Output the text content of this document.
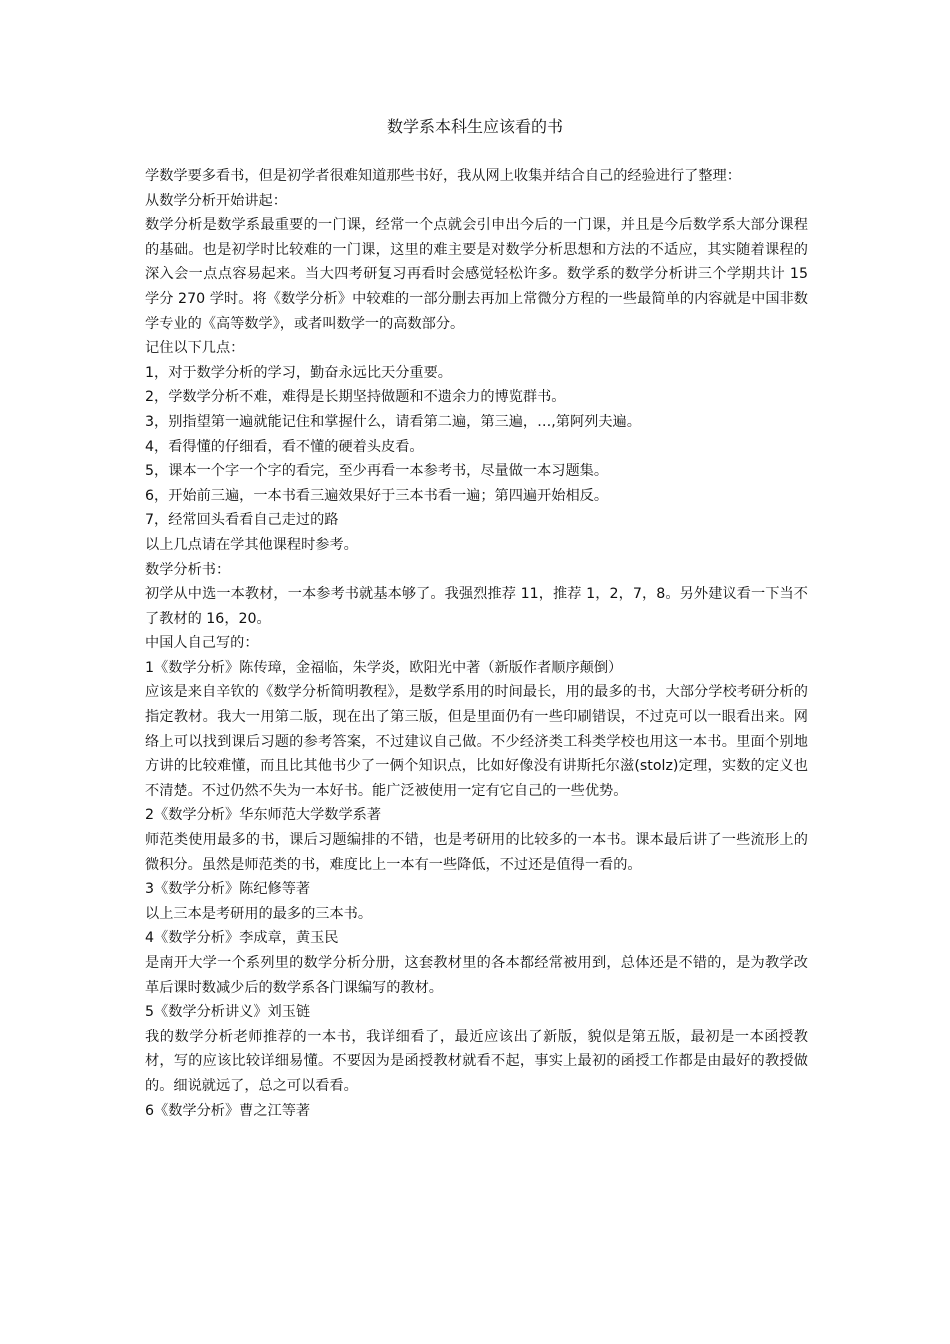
数学系本科生应该看的书

学数学要多看书，但是初学者很难知道那些书好，我从网上收集并结合自己的经验进行了整理：

从数学分析开始讲起：

数学分析是数学系最重要的一门课，经常一个点就会引申出今后的一门课，并且是今后数学系大部分课程的基础。也是初学时比较难的一门课，这里的难主要是对数学分析思想和方法的不适应，其实随着课程的深入会一点点容易起来。当大四考研复习再看时会感觉轻松许多。数学系的数学分析讲三个学期共计 15 学分 270 学时。将《数学分析》中较难的一部分删去再加上常微分方程的一些最简单的内容就是中国非数学专业的《高等数学》，或者叫数学一的高数部分。

记住以下几点：

1，对于数学分析的学习，勤奋永远比天分重要。

2，学数学分析不难，难得是长期坚持做题和不遗余力的博览群书。

3，别指望第一遍就能记住和掌握什么，请看第二遍，第三遍，…,第阿列夫遍。

4，看得懂的仔细看，看不懂的硬着头皮看。

5，课本一个字一个字的看完，至少再看一本参考书，尽量做一本习题集。

6，开始前三遍，一本书看三遍效果好于三本书看一遍；第四遍开始相反。

7，经常回头看看自己走过的路

以上几点请在学其他课程时参考。

数学分析书：

初学从中选一本教材，一本参考书就基本够了。我强烈推荐 11，推荐 1，2，7，8。另外建议看一下当不了教材的 16，20。

中国人自己写的：

1《数学分析》陈传璋，金福临，朱学炎，欧阳光中著（新版作者顺序颠倒）

应该是来自辛钦的《数学分析简明教程》，是数学系用的时间最长，用的最多的书，大部分学校考研分析的指定教材。我大一用第二版，现在出了第三版，但是里面仍有一些印刷错误，不过克可以一眼看出来。网络上可以找到课后习题的参考答案，不过建议自己做。不少经济类工科类学校也用这一本书。里面个别地方讲的比较难懂，而且比其他书少了一俩个知识点，比如好像没有讲斯托尔滋(stolz)定理，实数的定义也不清楚。不过仍然不失为一本好书。能广泛被使用一定有它自己的一些优势。

2《数学分析》华东师范大学数学系著

师范类使用最多的书，课后习题编排的不错，也是考研用的比较多的一本书。课本最后讲了一些流形上的微积分。虽然是师范类的书，难度比上一本有一些降低，不过还是值得一看的。

3《数学分析》陈纪修等著

以上三本是考研用的最多的三本书。

4《数学分析》李成章，黄玉民

是南开大学一个系列里的数学分析分册，这套教材里的各本都经常被用到，总体还是不错的，是为教学改革后课时数减少后的数学系各门课编写的教材。

5《数学分析讲义》刘玉链

我的数学分析老师推荐的一本书，我详细看了，最近应该出了新版，貌似是第五版，最初是一本函授教材，写的应该比较详细易懂。不要因为是函授教材就看不起，事实上最初的函授工作都是由最好的教授做的。细说就远了，总之可以看看。

6《数学分析》曹之江等著
